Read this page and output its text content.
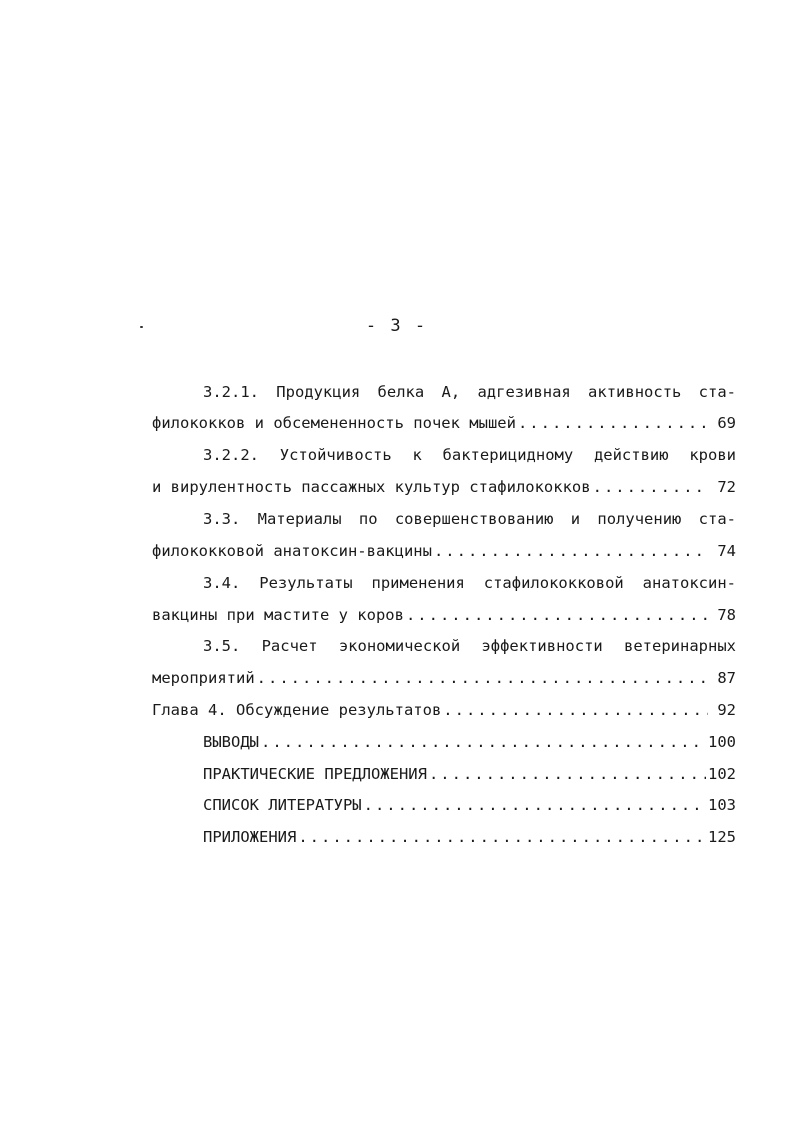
- 3 -
3.2.1. Продукция белка А, адгезивная активность ста-
филококков и обсемененность почек мышей .....	69
3.2.2. Устойчивость к бактерицидному действию крови
и вирулентность пассажных культур стафилококков .....	72
3.3. Материалы по совершенствованию и получению ста-
филококковой анатоксин-вакцины .....	74
3.4. Результаты применения стафилококковой анатоксин-
вакцины при мастите у коров .....	78
3.5. Расчет экономической эффективности ветеринарных
мероприятий .....	87
Глава 4. Обсуждение результатов .....	92
ВЫВОДЫ .....	100
ПРАКТИЧЕСКИЕ ПРЕДЛОЖЕНИЯ .....	102
СПИСОК ЛИТЕРАТУРЫ .....	103
ПРИЛОЖЕНИЯ .....	125
